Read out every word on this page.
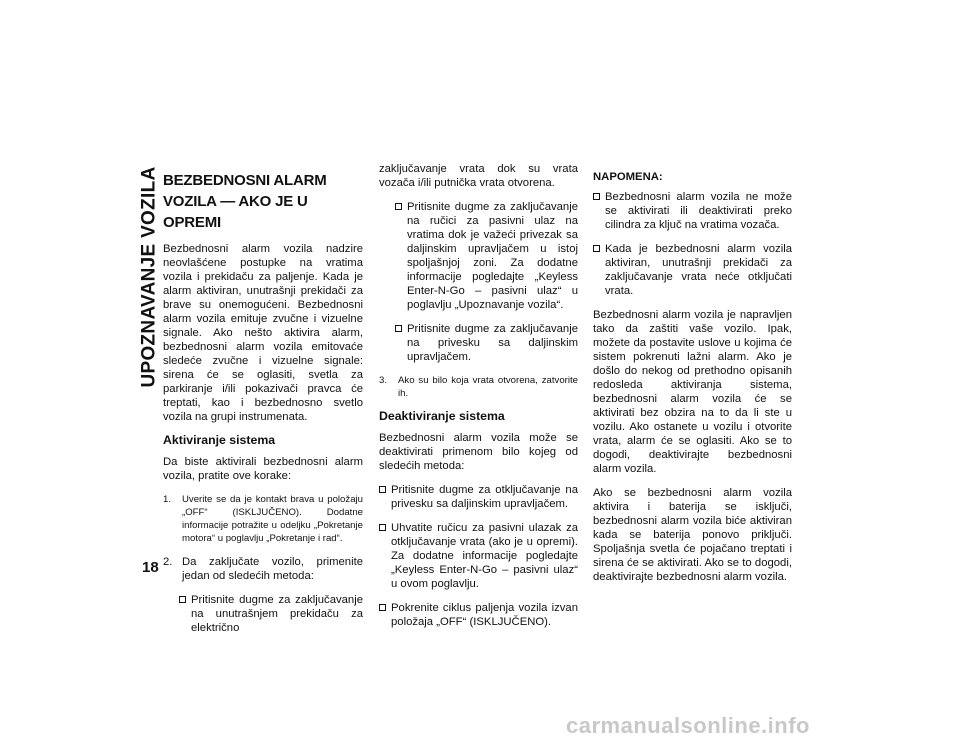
UPOZNAVANJE VOZILA
18
BEZBEDNOSNI ALARM VOZILA — AKO JE U OPREMI

Bezbednosni alarm vozila nadzire neovlašćene postupke na vratima vozila i prekidaču za paljenje. Kada je alarm aktiviran, unutrašnji prekidači za brave su onemogućeni. Bezbednosni alarm vozila emituje zvučne i vizuelne signale. Ako nešto aktivira alarm, bezbednosni alarm vozila emitovaće sledeće zvučne i vizuelne signale: sirena će se oglasiti, svetla za parkiranje i/ili pokazivači pravca će treptati, kao i bezbednosno svetlo vozila na grupi instrumenata.

Aktiviranje sistema

Da biste aktivirali bezbednosni alarm vozila, pratite ove korake:

1.	Uverite se da je kontakt brava u položaju „OFF“ (ISKLJUČENO). Dodatne informacije potražite u odeljku „Pokretanje motora“ u poglavlju „Pokretanje i rad“.
2. Da zaključate vozilo, primenite jedan od sledećih metoda:
Pritisnite dugme za zaključavanje na unutrašnjem prekidaču za električno

zaključavanje vrata dok su vrata vozača i/ili putnička vrata otvorena.

Pritisnite dugme za zaključavanje na ručici za pasivni ulaz na vratima dok je važeći privezak sa daljinskim upravljačem u istoj spoljašnjoj zoni. Za dodatne informacije pogledajte „Keyless Enter-N-Go – pasivni ulaz“ u poglavlju „Upoznavanje vozila“.
Pritisnite dugme za zaključavanje na privesku sa daljinskim upravljačem.
3.	Ako su bilo koja vrata otvorena, zatvorite ih.
Deaktiviranje sistema

Bezbednosni alarm vozila može se deaktivirati primenom bilo kojeg od sledećih metoda:

Pritisnite dugme za otključavanje na privesku sa daljinskim upravljačem.
Uhvatite ručicu za pasivni ulazak za otključavanje vrata (ako je u opremi). Za dodatne informacije pogledajte „Keyless Enter-N-Go – pasivni ulaz“ u ovom poglavlju.
Pokrenite ciklus paljenja vozila izvan položaja „OFF“ (ISKLJUČENO).
NAPOMENA:
Bezbednosni alarm vozila ne može se aktivirati ili deaktivirati preko cilindra za ključ na vratima vozača.
Kada je bezbednosni alarm vozila aktiviran, unutrašnji prekidači za zaključavanje vrata neće otključati vrata.

Bezbednosni alarm vozila je napravljen tako da zaštiti vaše vozilo. Ipak, možete da postavite uslove u kojima će sistem pokrenuti lažni alarm. Ako je došlo do nekog od prethodno opisanih redosleda aktiviranja sistema, bezbednosni alarm vozila će se aktivirati bez obzira na to da li ste u vozilu. Ako ostanete u vozilu i otvorite vrata, alarm će se oglasiti. Ako se to dogodi, deaktivirajte bezbednosni alarm vozila.

Ako se bezbednosni alarm vozila aktivira i baterija se isključi, bezbednosni alarm vozila biće aktiviran kada se baterija ponovo priključi. Spoljašnja svetla će pojačano treptati i sirena će se aktivirati. Ako se to dogodi, deaktivirajte bezbednosni alarm vozila.

carmanualsonline.info
